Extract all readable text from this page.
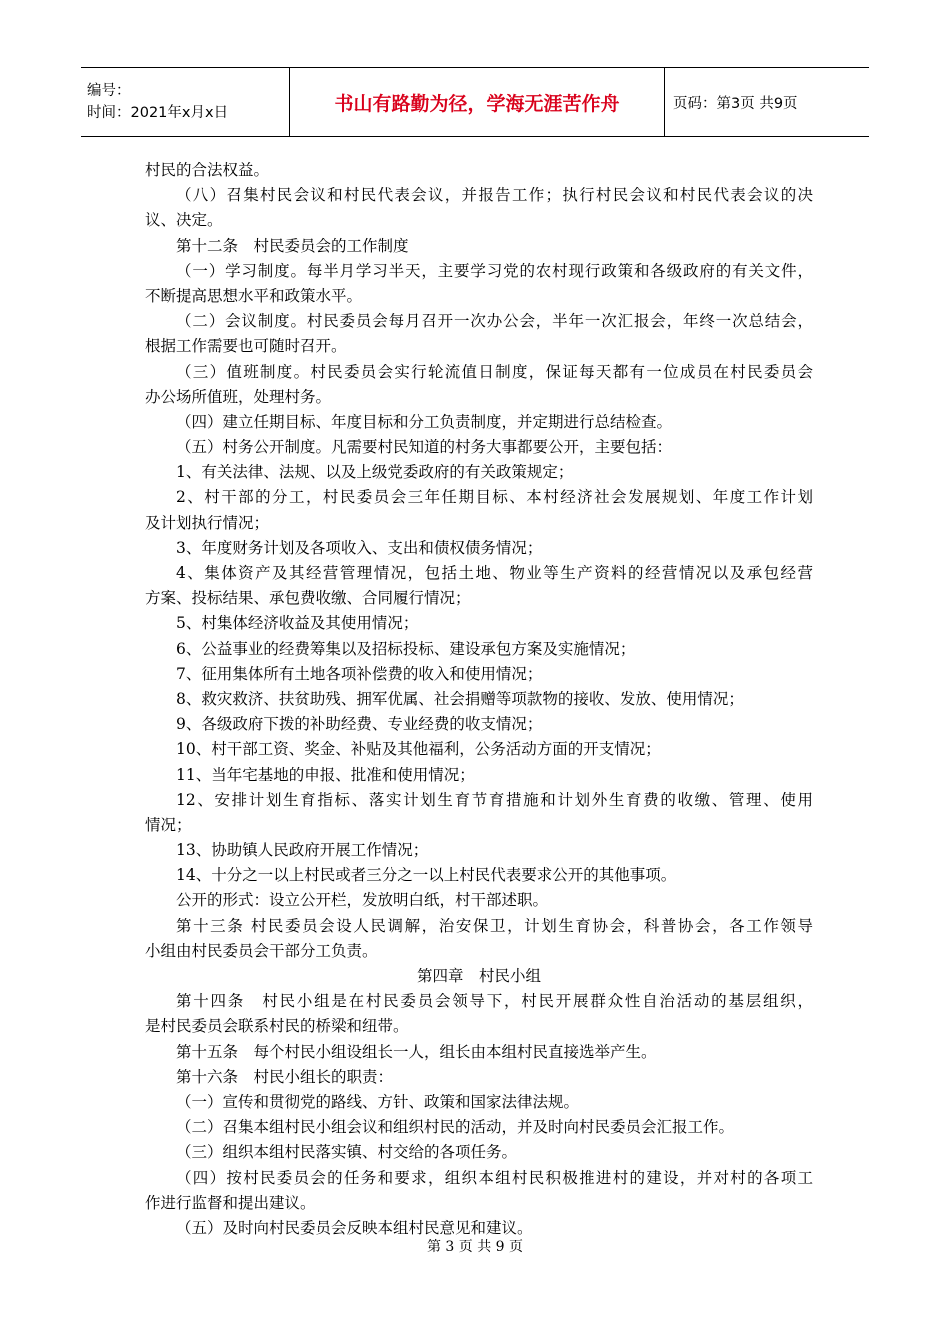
编号：
时间：2021年x月x日	书山有路勤为径，学海无涯苦作舟	页码：第3页 共9页
村民的合法权益。
（八）召集村民会议和村民代表会议，并报告工作；执行村民会议和村民代表会议的决
议、决定。
第十二条　村民委员会的工作制度
（一）学习制度。每半月学习半天，主要学习党的农村现行政策和各级政府的有关文件，
不断提高思想水平和政策水平。
（二）会议制度。村民委员会每月召开一次办公会，半年一次汇报会，年终一次总结会，
根据工作需要也可随时召开。
（三）值班制度。村民委员会实行轮流值日制度，保证每天都有一位成员在村民委员会
办公场所值班，处理村务。
（四）建立任期目标、年度目标和分工负责制度，并定期进行总结检查。
（五）村务公开制度。凡需要村民知道的村务大事都要公开，主要包括：
1、有关法律、法规、以及上级党委政府的有关政策规定；
2、村干部的分工，村民委员会三年任期目标、本村经济社会发展规划、年度工作计划
及计划执行情况；
3、年度财务计划及各项收入、支出和债权债务情况；
4、集体资产及其经营管理情况，包括土地、物业等生产资料的经营情况以及承包经营
方案、投标结果、承包费收缴、合同履行情况；
5、村集体经济收益及其使用情况；
6、公益事业的经费筹集以及招标投标、建设承包方案及实施情况；
7、征用集体所有土地各项补偿费的收入和使用情况；
8、救灾救济、扶贫助残、拥军优属、社会捐赠等项款物的接收、发放、使用情况；
9、各级政府下拨的补助经费、专业经费的收支情况；
10、村干部工资、奖金、补贴及其他福利，公务活动方面的开支情况；
11、当年宅基地的申报、批准和使用情况；
12、安排计划生育指标、落实计划生育节育措施和计划外生育费的收缴、管理、使用
情况；
13、协助镇人民政府开展工作情况；
14、十分之一以上村民或者三分之一以上村民代表要求公开的其他事项。
公开的形式：设立公开栏，发放明白纸，村干部述职。
第十三条 村民委员会设人民调解，治安保卫，计划生育协会，科普协会，各工作领导
小组由村民委员会干部分工负责。
第四章　村民小组
第十四条　村民小组是在村民委员会领导下，村民开展群众性自治活动的基层组织，
是村民委员会联系村民的桥梁和纽带。
第十五条　每个村民小组设组长一人，组长由本组村民直接选举产生。
第十六条　村民小组长的职责：
（一）宣传和贯彻党的路线、方针、政策和国家法律法规。
（二）召集本组村民小组会议和组织村民的活动，并及时向村民委员会汇报工作。
（三）组织本组村民落实镇、村交给的各项任务。
（四）按村民委员会的任务和要求，组织本组村民积极推进村的建设，并对村的各项工
作进行监督和提出建议。
（五）及时向村民委员会反映本组村民意见和建议。
第 3 页 共 9 页
